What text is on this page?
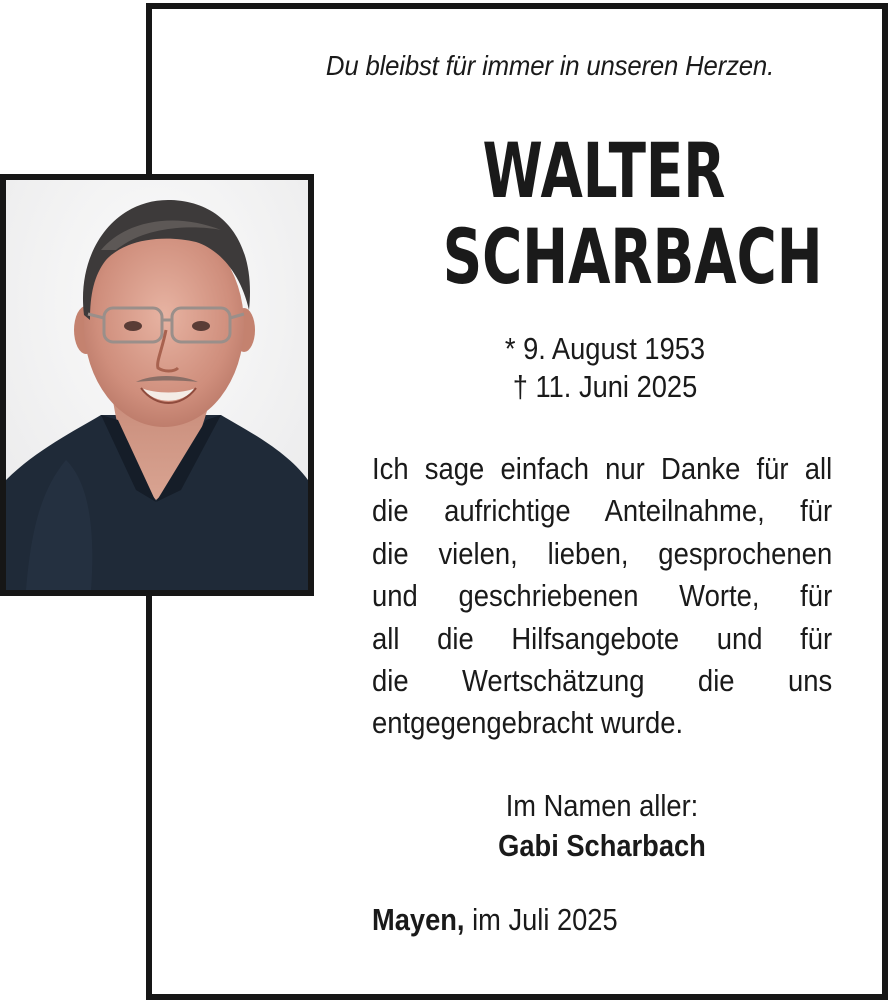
Du bleibst für immer in unseren Herzen.
WALTER
SCHARBACH
* 9. August 1953
† 11. Juni 2025
Ich sage einfach nur Danke für all
die aufrichtige Anteilnahme, für
die vielen, lieben, gesprochenen
und geschriebenen Worte, für
all die Hilfsangebote und für
die Wertschätzung die uns
entgegengebracht wurde.
Im Namen aller:
Gabi Scharbach
Mayen, im Juli 2025
